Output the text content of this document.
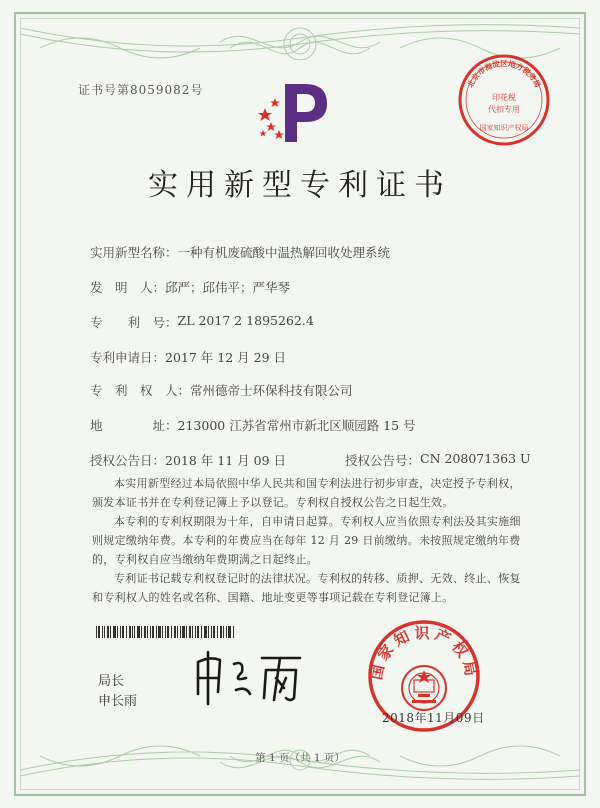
证书号第8059082号	北京市海淀区地方税务局
印花税
代扣专用
国家知识产权局
实用新型专利证书
实用新型名称： 一种有机废硫酸中温热解回收处理系统
发　明　人： 邱严；邱伟平；严华琴
专　　利　号： ZL 2017 2 1895262.4
专利申请日： 2017 年 12 月 29 日
专　利　权　人： 常州德帝士环保科技有限公司
地　　　　址： 213000 江苏省常州市新北区顺园路 15 号
授权公告日： 2018 年 11 月 09 日	授权公告号： CN 208071363 U
本实用新型经过本局依照中华人民共和国专利法进行初步审查，决定授予专利权，颁发本证书并在专利登记簿上予以登记。专利权自授权公告之日起生效。
本专利的专利权期限为十年，自申请日起算。专利权人应当依照专利法及其实施细则规定缴纳年费。本专利的年费应当在每年 12 月 29 日前缴纳。未按照规定缴纳年费的，专利权自应当缴纳年费期满之日起终止。
专利证书记载专利权登记时的法律状况。专利权的转移、质押、无效、终止、恢复和专利权人的姓名或名称、国籍、地址变更等事项记载在专利登记簿上。
局长
申长雨
国家知识产权局
2018年11月09日
第 1 页（共 1 页）
